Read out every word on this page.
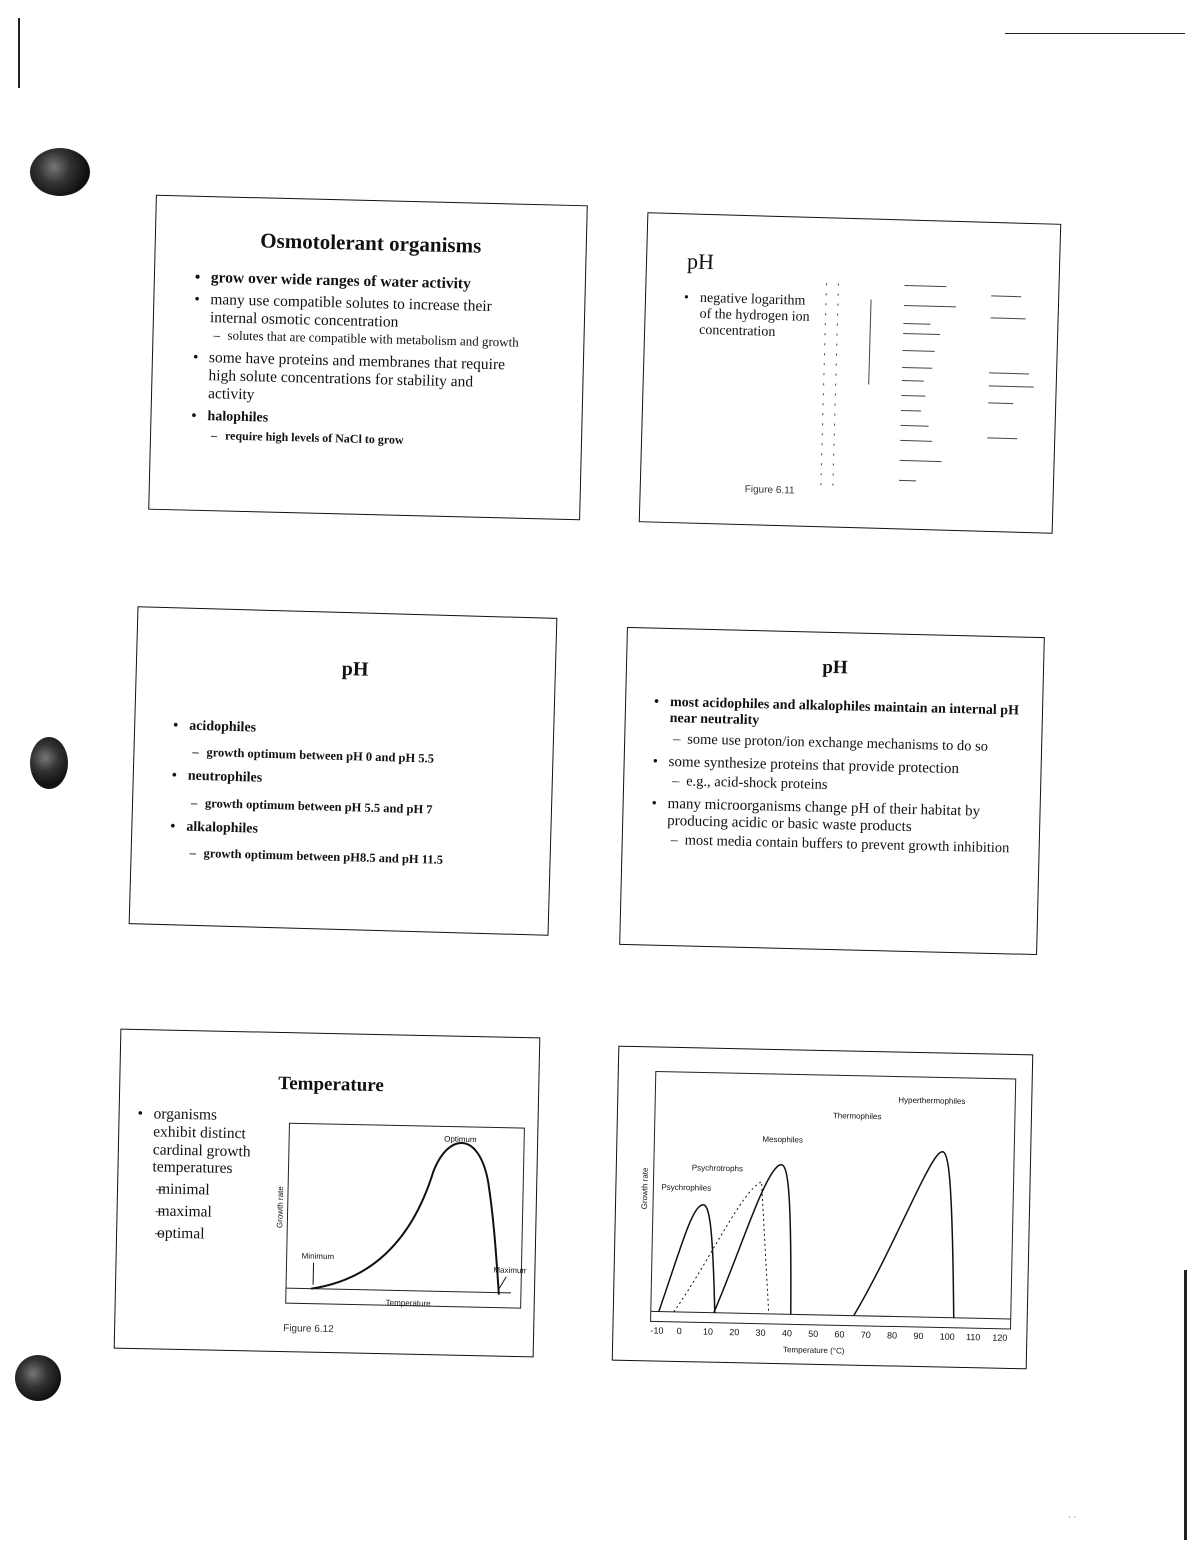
Osmotolerant organisms
• grow over wide ranges of water activity
• many use compatible solutes to increase their internal osmotic concentration
– solutes that are compatible with metabolism and growth
• some have proteins and membranes that require high solute concentrations for stability and activity
• halophiles
– require high levels of NaCl to grow
pH
• negative logarithm of the hydrogen ion concentration
Figure 6.11
pH
• acidophiles
– growth optimum between pH 0 and pH 5.5
• neutrophiles
– growth optimum between pH 5.5 and pH 7
• alkalophiles
– growth optimum between pH8.5 and pH 11.5
pH
• most acidophiles and alkalophiles maintain an internal pH near neutrality
– some use proton/ion exchange mechanisms to do so
• some synthesize proteins that provide protection
– e.g., acid-shock proteins
• many microorganisms change pH of their habitat by producing acidic or basic waste products
– most media contain buffers to prevent growth inhibition
Temperature
• organisms exhibit distinct cardinal growth temperatures
– minimal
– maximal
– optimal
Growth rate
Temperature
Optimum
Minimum
Maximum
Figure 6.12
Growth rate
Temperature (°C)
Psychrophiles
Psychrotrophs
Mesophiles
Thermophiles
Hyperthermophiles
-10 0 10 20 30 40 50 60 70 80 90 100 110 120
· ·
